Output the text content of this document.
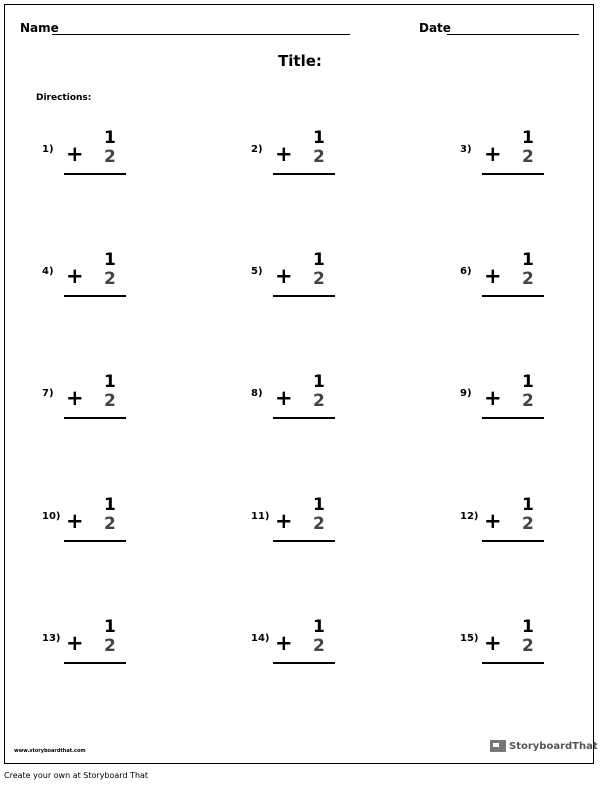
Name	Date
Title:
Directions:
1)
1
+ 2	2)
1
+ 2	3)
1
+ 2
4)
1
+ 2	5)
1
+ 2	6)
1
+ 2
7)
1
+ 2	8)
1
+ 2	9)
1
+ 2
10)
1
+ 2	11)
1
+ 2	12)
1
+ 2
13)
1
+ 2	14)
1
+ 2	15)
1
+ 2
www.storyboardthat.com	StoryboardThat
Create your own at Storyboard That
